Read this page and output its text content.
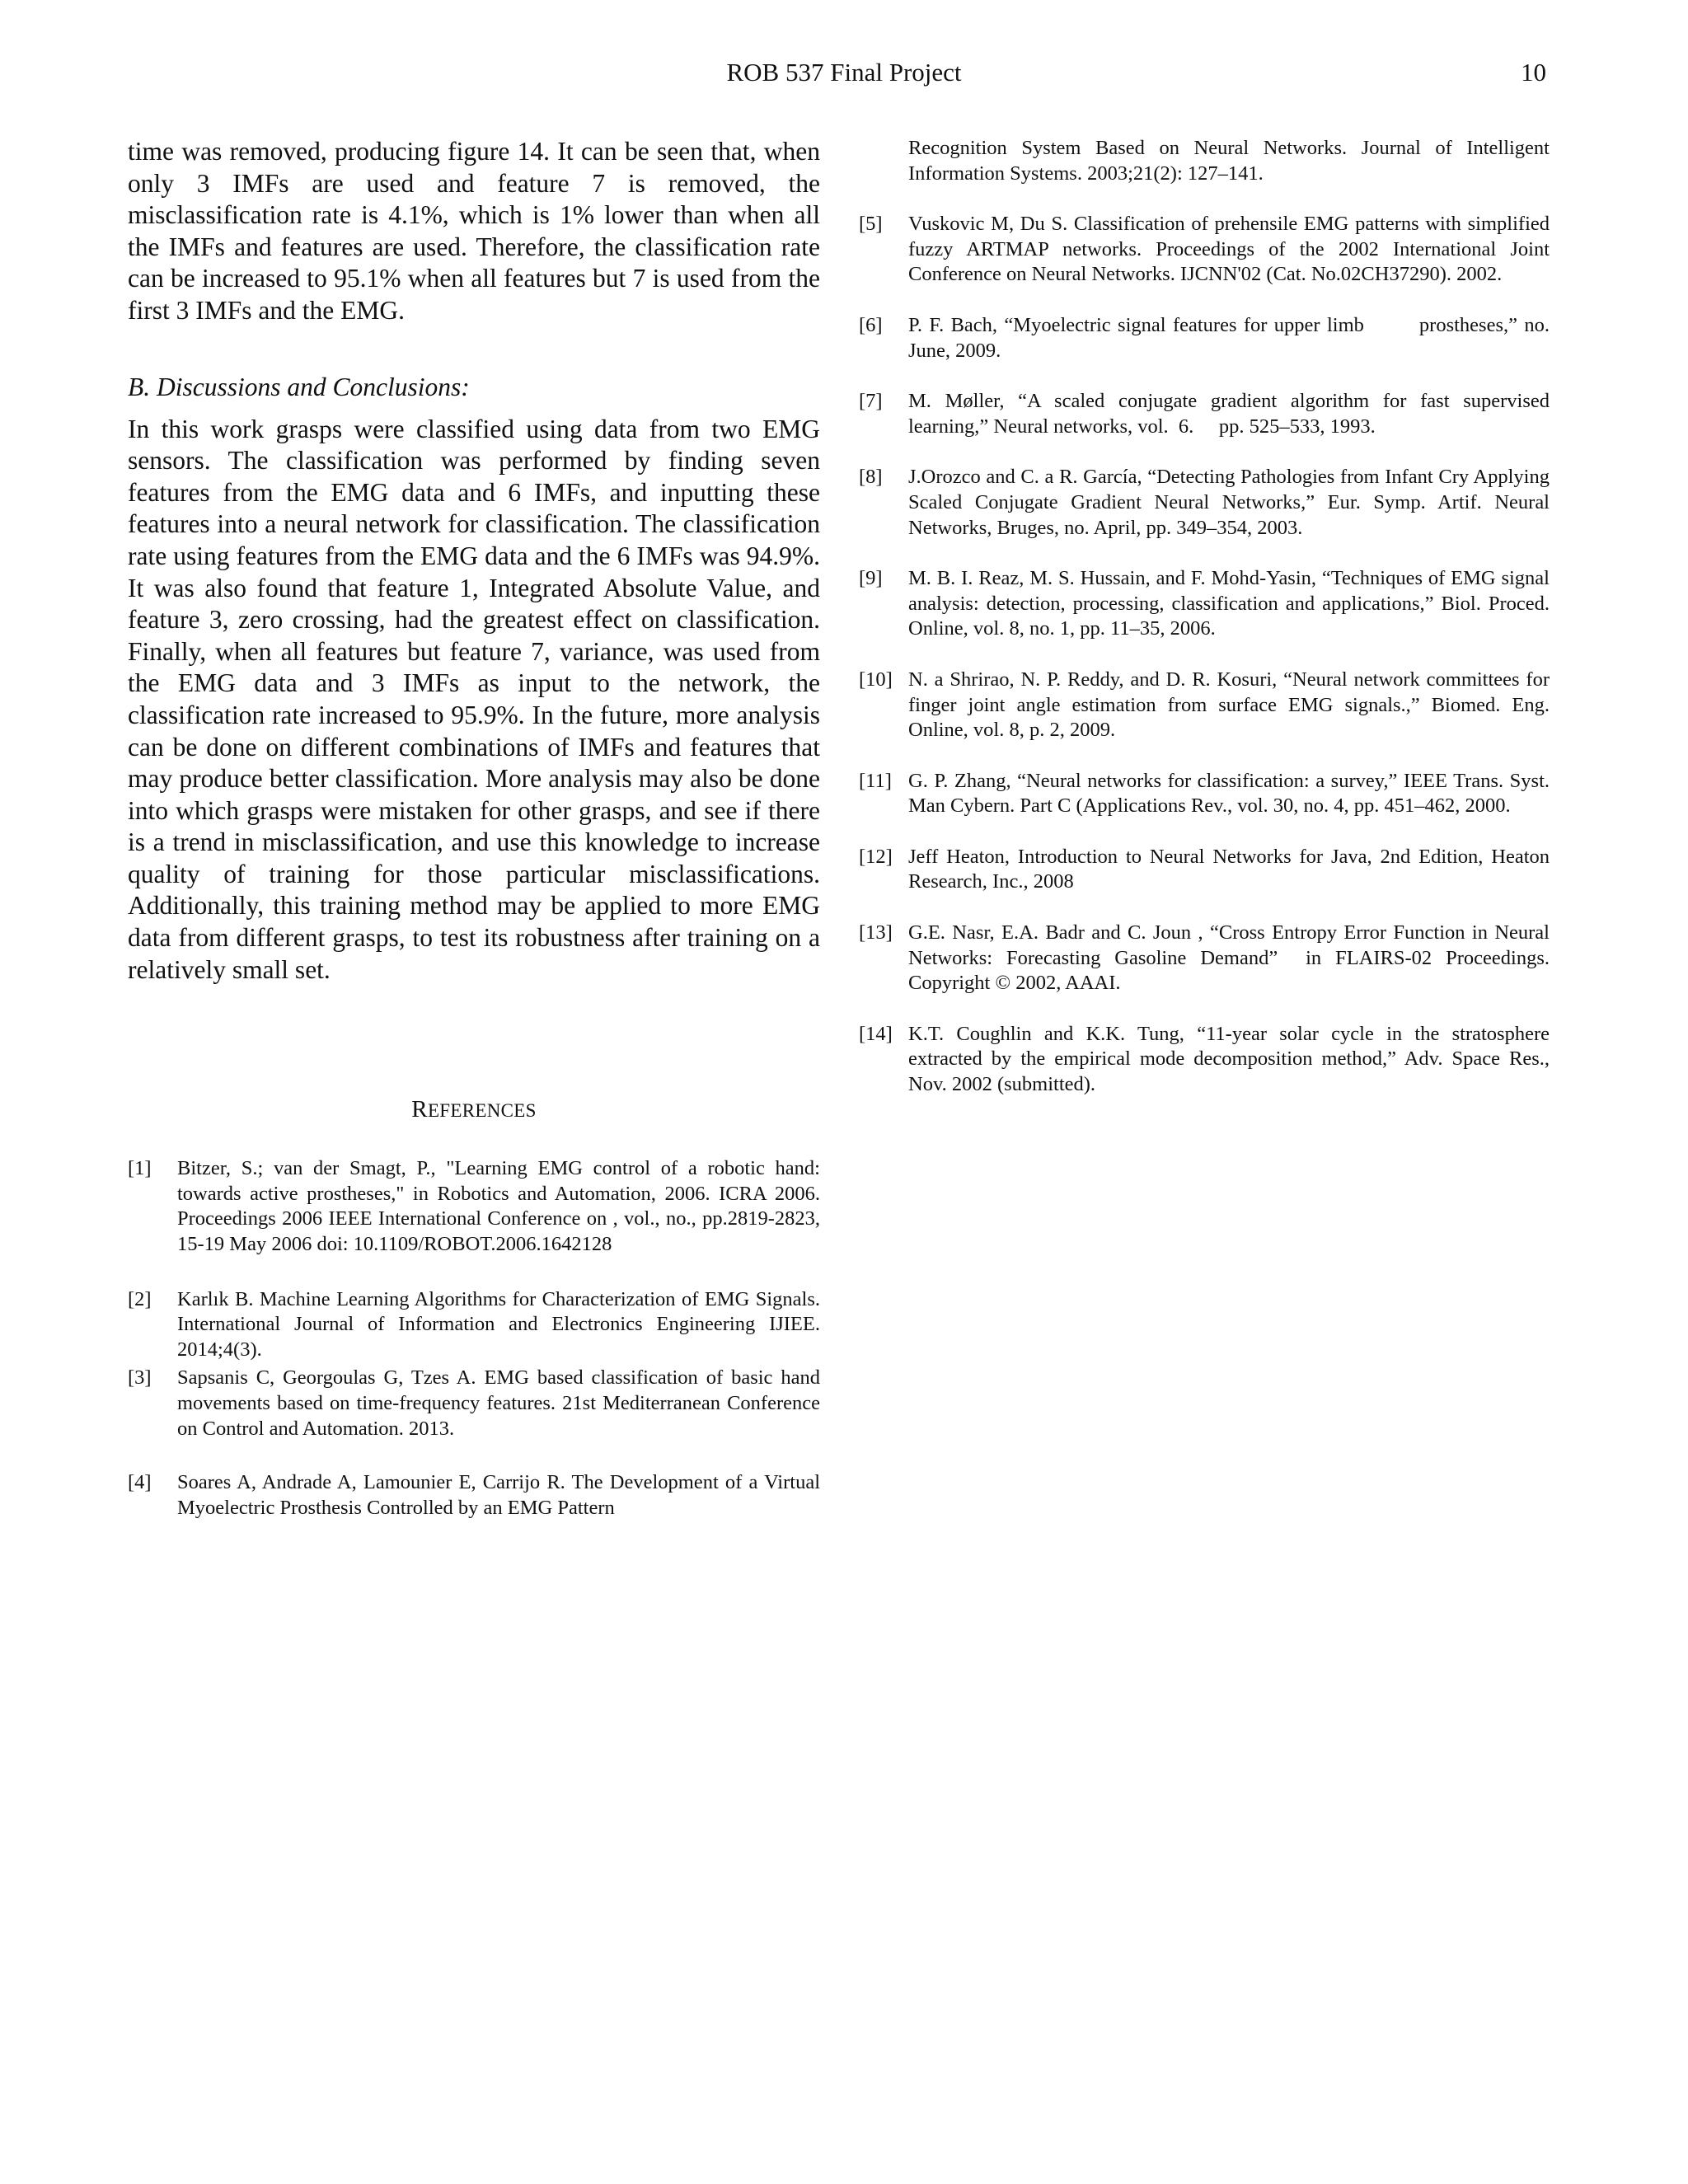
ROB 537 Final Project	10

time was removed, producing figure 14. It can be seen that, when only 3 IMFs are used and feature 7 is removed, the misclassification rate is 4.1%, which is 1% lower than when all the IMFs and features are used. Therefore, the classification rate can be increased to 95.1% when all features but 7 is used from the first 3 IMFs and the EMG.

B. Discussions and Conclusions:

In this work grasps were classified using data from two EMG sensors. The classification was performed by finding seven features from the EMG data and 6 IMFs, and inputting these features into a neural network for classification. The classification rate using features from the EMG data and the 6 IMFs was 94.9%. It was also found that feature 1, Integrated Absolute Value, and feature 3, zero crossing, had the greatest effect on classification. Finally, when all features but feature 7, variance, was used from the EMG data and 3 IMFs as input to the network, the classification rate increased to 95.9%. In the future, more analysis can be done on different combinations of IMFs and features that may produce better classification. More analysis may also be done into which grasps were mistaken for other grasps, and see if there is a trend in misclassification, and use this knowledge to increase quality of training for those particular misclassifications. Additionally, this training method may be applied to more EMG data from different grasps, to test its robustness after training on a relatively small set.

REFERENCES
[1]	Bitzer, S.; van der Smagt, P., "Learning EMG control of a robotic hand: towards active prostheses," in Robotics and Automation, 2006. ICRA 2006. Proceedings 2006 IEEE International Conference on , vol., no., pp.2819-2823, 15-19 May 2006 doi: 10.1109/ROBOT.2006.1642128
[2]	Karlık B. Machine Learning Algorithms for Characterization of EMG Signals. International Journal of Information and Electronics Engineering IJIEE. 2014;4(3).
[3]	Sapsanis C, Georgoulas G, Tzes A. EMG based classification of basic hand movements based on time-frequency features. 21st Mediterranean Conference on Control and Automation. 2013.
[4]	Soares A, Andrade A, Lamounier E, Carrijo R. The Development of a Virtual Myoelectric Prosthesis Controlled by an EMG Pattern
Recognition System Based on Neural Networks. Journal of Intelligent Information Systems. 2003;21(2): 127–141.
[5]	Vuskovic M, Du S. Classification of prehensile EMG patterns with simplified fuzzy ARTMAP networks. Proceedings of the 2002 International Joint Conference on Neural Networks. IJCNN'02 (Cat. No.02CH37290). 2002.
[6]	P. F. Bach, “Myoelectric signal features for upper limb        prostheses,” no. June, 2009.
[7]	M. Møller, “A scaled conjugate gradient algorithm for fast supervised learning,” Neural networks, vol.  6.     pp. 525–533, 1993.
[8]	J.Orozco and C. a R. García, “Detecting Pathologies from Infant Cry Applying Scaled Conjugate Gradient Neural Networks,” Eur. Symp. Artif. Neural Networks, Bruges, no. April, pp. 349–354, 2003.
[9]	M. B. I. Reaz, M. S. Hussain, and F. Mohd-Yasin, “Techniques of EMG signal analysis: detection, processing, classification and applications,” Biol. Proced. Online, vol. 8, no. 1, pp. 11–35, 2006.
[10] N. a Shrirao, N. P. Reddy, and D. R. Kosuri, “Neural network committees for finger joint angle estimation from surface EMG signals.,” Biomed. Eng. Online, vol. 8, p. 2, 2009.
[11] G. P. Zhang, “Neural networks for classification: a survey,” IEEE Trans. Syst. Man Cybern. Part C (Applications Rev., vol. 30, no. 4, pp. 451–462, 2000.
[12] Jeff Heaton, Introduction to Neural Networks for Java, 2nd Edition, Heaton Research, Inc., 2008
[13] G.E. Nasr, E.A. Badr and C. Joun , “Cross Entropy Error Function in Neural Networks: Forecasting Gasoline Demand”  in FLAIRS-02 Proceedings. Copyright © 2002, AAAI.
[14] K.T. Coughlin and K.K. Tung, “11-year solar cycle in the stratosphere extracted by the empirical mode decomposition method,” Adv. Space Res., Nov. 2002 (submitted).
